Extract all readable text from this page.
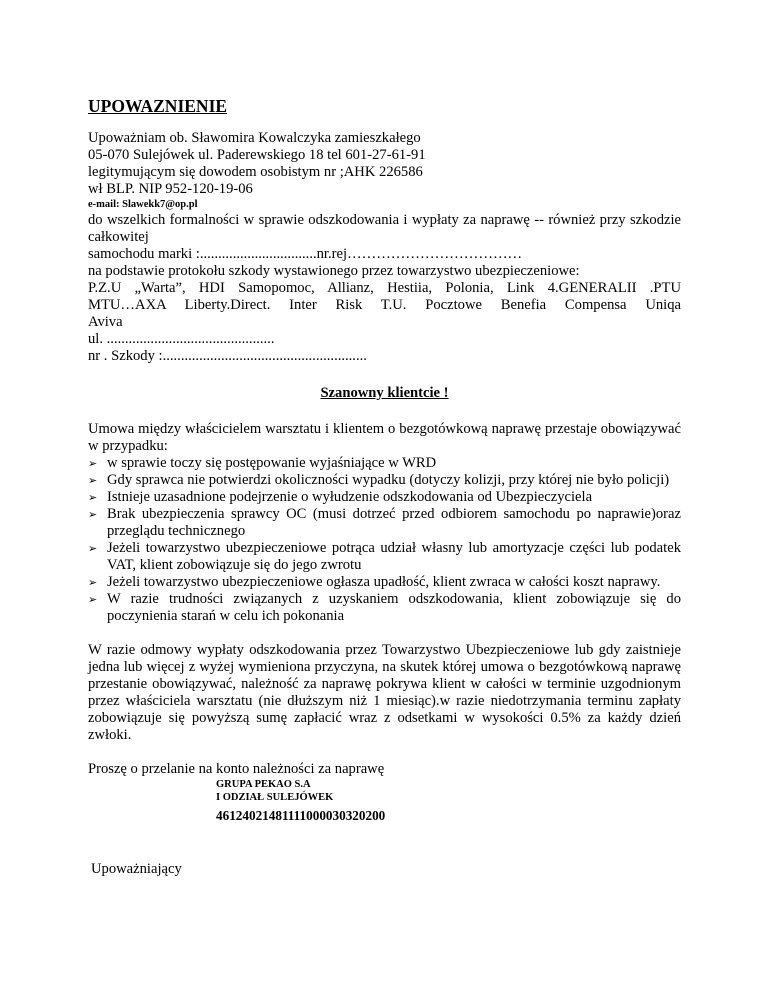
UPOWAZNIENIE
Upoważniam ob. Sławomira Kowalczyka zamieszkałego
05-070 Sulejówek ul. Paderewskiego 18 tel 601-27-61-91
legitymującym się dowodem osobistym nr ;AHK 226586
wł BLP. NIP 952-120-19-06
e-mail: Slawekk7@op.pl
do wszelkich formalności w sprawie odszkodowania i wypłaty za naprawę -- również przy szkodzie całkowitej
samochodu marki :................................nr.rej………………………………
na podstawie protokołu szkody wystawionego przez towarzystwo ubezpieczeniowe:
P.Z.U „Warta”, HDI Samopomoc, Allianz, Hestiia, Polonia, Link 4.GENERALII .PTU
MTU…AXA Liberty.Direct. Inter Risk T.U. Pocztowe Benefia Compensa Uniqa
Aviva
ul. ..............................................
nr . Szkody :........................................................
Szanowny klientcie !
Umowa między właścicielem warsztatu i klientem o bezgotówkową naprawę przestaje obowiązywać w przypadku:
➢ w sprawie toczy się postępowanie wyjaśniające w WRD
➢ Gdy sprawca nie potwierdzi okoliczności wypadku (dotyczy kolizji, przy której nie było policji)
➢ Istnieje uzasadnione podejrzenie o wyłudzenie odszkodowania od Ubezpieczyciela
➢ Brak ubezpieczenia sprawcy OC (musi dotrzeć przed odbiorem samochodu po naprawie)oraz przeglądu technicznego
➢ Jeżeli towarzystwo ubezpieczeniowe potrąca udział własny lub amortyzacje części lub podatek VAT, klient zobowiązuje się do jego zwrotu
➢ Jeżeli towarzystwo ubezpieczeniowe ogłasza upadłość, klient zwraca w całości koszt naprawy.
➢ W razie trudności związanych z uzyskaniem odszkodowania, klient zobowiązuje się do poczynienia starań w celu ich pokonania
W razie odmowy wypłaty odszkodowania przez Towarzystwo Ubezpieczeniowe lub gdy zaistnieje jedna lub więcej z wyżej wymieniona przyczyna, na skutek której umowa o bezgotówkową naprawę przestanie obowiązywać, należność za naprawę pokrywa klient w całości w terminie uzgodnionym przez właściciela warsztatu (nie dłuższym niż 1 miesiąc).w razie niedotrzymania terminu zapłaty zobowiązuje się powyższą sumę zapłacić wraz z odsetkami w wysokości 0.5% za każdy dzień zwłoki.
Proszę o przelanie na konto należności za naprawę
GRUPA PEKAO S.A
I ODZIAŁ SULEJÓWEK
46124021481111000030320200
Upoważniający
